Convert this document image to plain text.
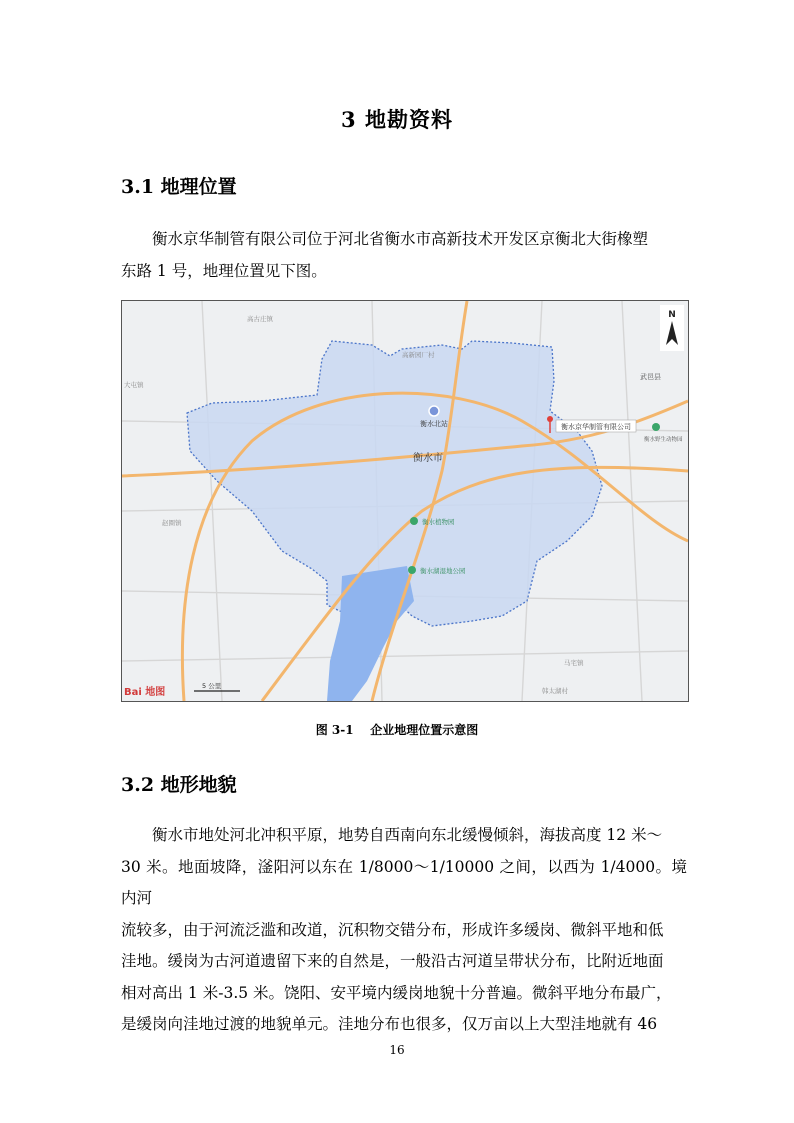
3 地勘资料
3.1 地理位置
衡水京华制管有限公司位于河北省衡水市高新技术开发区京衡北大街橡塑
东路 1 号，地理位置见下图。
衡水北站
衡水市
衡水京华制管有限公司
衡水植物园
衡水湖湿地公园
武邑县
衡水野生动物园
高新园厂村
高古庄镇
大屯镇
赵圈镇
马宅镇
韩太湖村
N
Bai 地图
5 公里
图 3-1    企业地理位置示意图
3.2 地形地貌
衡水市地处河北冲积平原，地势自西南向东北缓慢倾斜，海拔高度 12 米～
30 米。地面坡降，滏阳河以东在 1/8000～1/10000 之间，以西为 1/4000。境内河
流较多，由于河流泛滥和改道，沉积物交错分布，形成许多缓岗、微斜平地和低
洼地。缓岗为古河道遗留下来的自然是，一般沿古河道呈带状分布，比附近地面
相对高出 1 米-3.5 米。饶阳、安平境内缓岗地貌十分普遍。微斜平地分布最广，
是缓岗向洼地过渡的地貌单元。洼地分布也很多，仅万亩以上大型洼地就有 46
16
